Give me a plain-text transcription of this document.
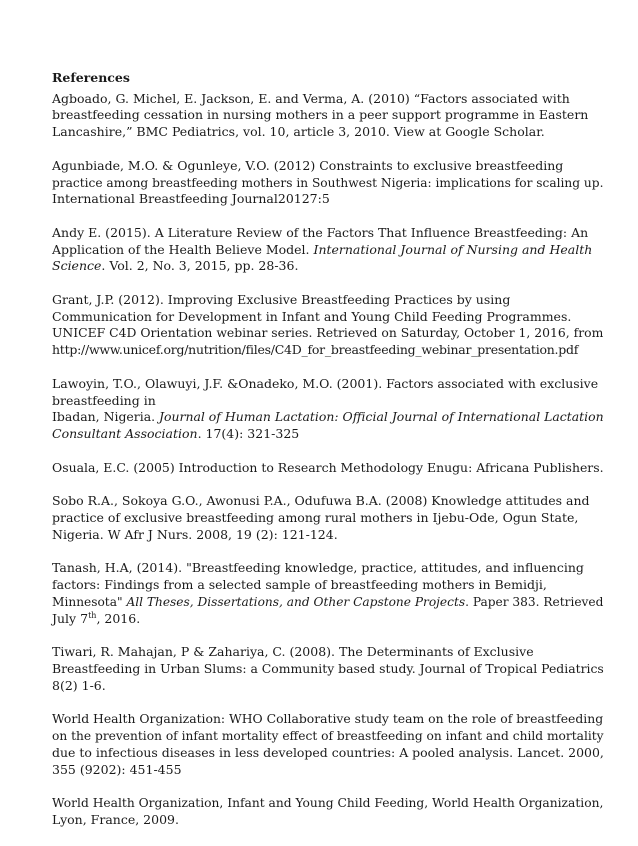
References
Agboado, G. Michel, E. Jackson, E. and Verma, A. (2010) “Factors associated with
breastfeeding cessation in nursing mothers in a peer support programme in Eastern
Lancashire,” BMC Pediatrics, vol. 10, article 3, 2010. View at Google Scholar.
Agunbiade, M.O. & Ogunleye, V.O. (2012) Constraints to exclusive breastfeeding
practice among breastfeeding mothers in Southwest Nigeria: implications for scaling up.
International Breastfeeding Journal20127:5
Andy E. (2015). A Literature Review of the Factors That Influence Breastfeeding: An
Application of the Health Believe Model. International Journal of Nursing and Health
Science. Vol. 2, No. 3, 2015, pp. 28-36.
Grant, J.P. (2012). Improving Exclusive Breastfeeding Practices by using
Communication for Development in Infant and Young Child Feeding Programmes.
UNICEF C4D Orientation webinar series. Retrieved on Saturday, October 1, 2016, from
http://www.unicef.org/nutrition/files/C4D_for_breastfeeding_webinar_presentation.pdf
Lawoyin, T.O., Olawuyi, J.F. &Onadeko, M.O. (2001). Factors associated with exclusive
breastfeeding in
Ibadan, Nigeria. Journal of Human Lactation: Official Journal of International Lactation
Consultant Association. 17(4): 321-325
Osuala, E.C. (2005) Introduction to Research Methodology Enugu: Africana Publishers.
Sobo R.A., Sokoya G.O., Awonusi P.A., Odufuwa B.A. (2008) Knowledge attitudes and
practice of exclusive breastfeeding among rural mothers in Ijebu-Ode, Ogun State,
Nigeria. W Afr J Nurs. 2008, 19 (2): 121-124.
Tanash, H.A, (2014). "Breastfeeding knowledge, practice, attitudes, and influencing
factors: Findings from a selected sample of breastfeeding mothers in Bemidji,
Minnesota" All Theses, Dissertations, and Other Capstone Projects. Paper 383. Retrieved
July 7th, 2016.
Tiwari, R. Mahajan, P & Zahariya, C. (2008). The Determinants of Exclusive
Breastfeeding in Urban Slums: a Community based study. Journal of Tropical Pediatrics
8(2) 1-6.
World Health Organization: WHO Collaborative study team on the role of breastfeeding
on the prevention of infant mortality effect of breastfeeding on infant and child mortality
due to infectious diseases in less developed countries: A pooled analysis. Lancet. 2000,
355 (9202): 451-455
World Health Organization, Infant and Young Child Feeding, World Health Organization,
Lyon, France, 2009.
